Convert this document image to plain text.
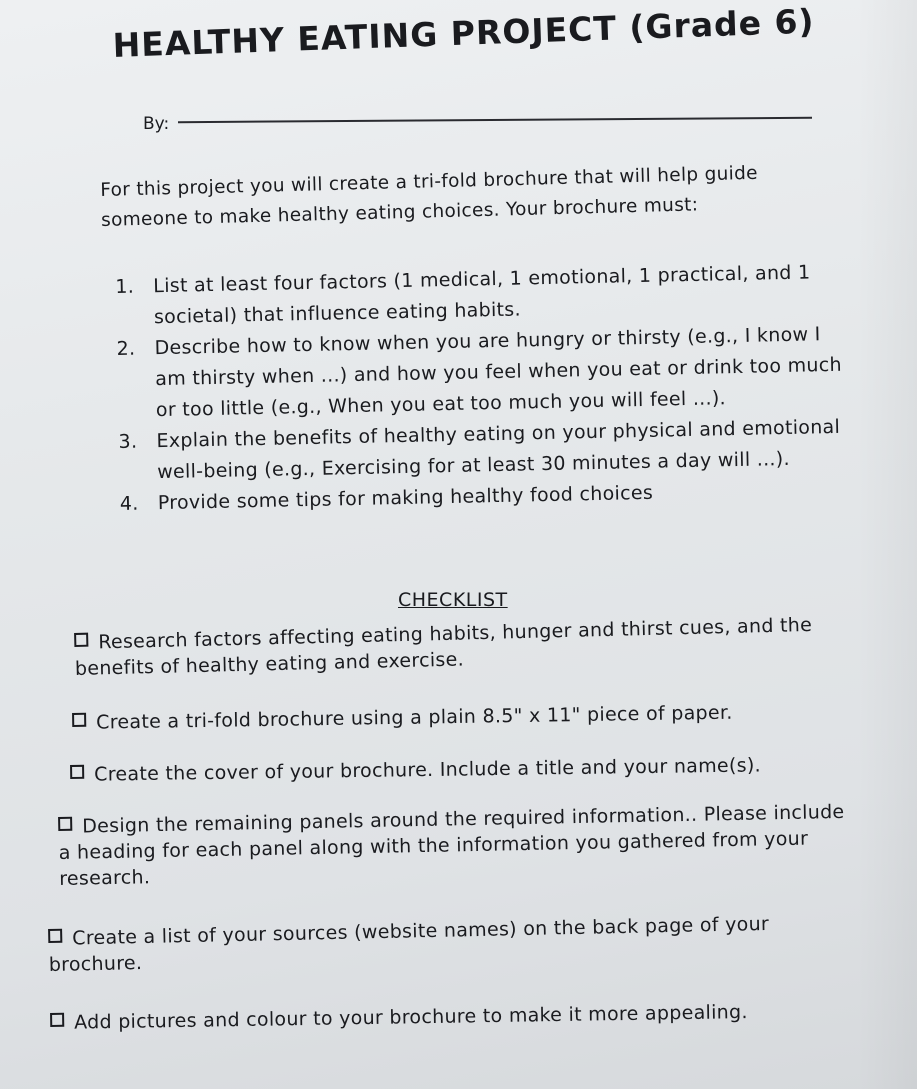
HEALTHY EATING PROJECT (Grade 6)
By:
For this project you will create a tri-fold brochure that will help guide someone to make healthy eating choices. Your brochure must:
1. List at least four factors (1 medical, 1 emotional, 1 practical, and 1 societal) that influence eating habits.
2. Describe how to know when you are hungry or thirsty (e.g., I know I am thirsty when ...) and how you feel when you eat or drink too much or too little (e.g., When you eat too much you will feel ...).
3. Explain the benefits of healthy eating on your physical and emotional well-being (e.g., Exercising for at least 30 minutes a day will ...).
4. Provide some tips for making healthy food choices
CHECKLIST
Research factors affecting eating habits, hunger and thirst cues, and the benefits of healthy eating and exercise.
Create a tri-fold brochure using a plain 8.5" x 11" piece of paper.
Create the cover of your brochure. Include a title and your name(s).
Design the remaining panels around the required information.. Please include a heading for each panel along with the information you gathered from your research.
Create a list of your sources (website names) on the back page of your brochure.
Add pictures and colour to your brochure to make it more appealing.
